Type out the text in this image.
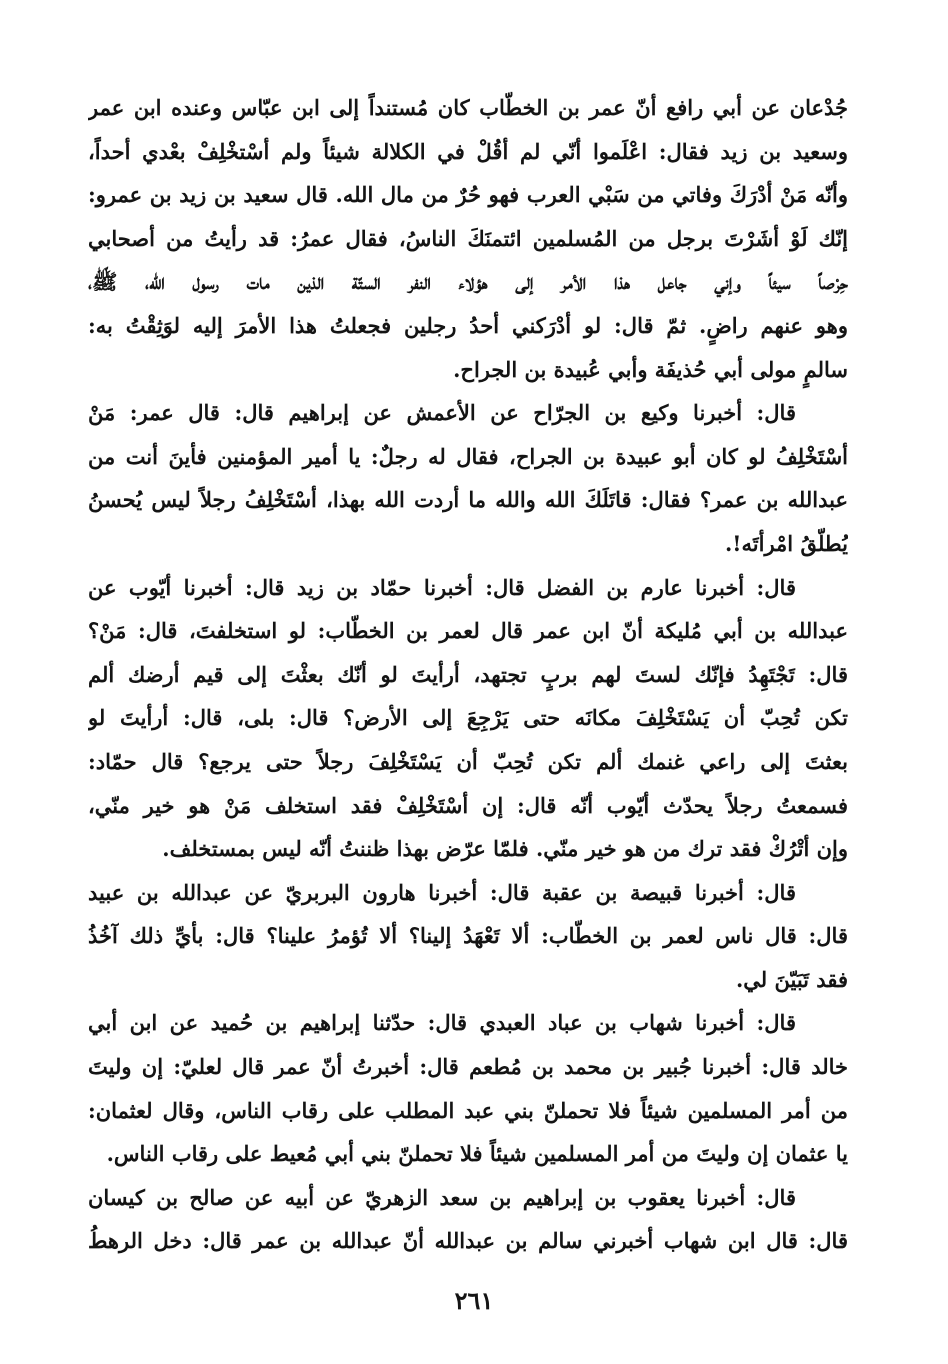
جُدْعان عن أبي رافع أنّ عمر بن الخطّاب كان مُستنداً إلى ابن عبّاس وعنده ابن عمر
وسعيد بن زيد فقال: اعْلَموا أنّي لم أقُلْ في الكلالة شيئاً ولم أسْتخْلِفْ بعْدي أحداً،
وأنّه مَنْ أدْرَكَ وفاتي من سَبْي العرب فهو حُرٌ من مال الله. قال سعيد بن زيد بن عمرو:
إنّك لَوْ أشَرْتَ برجل من المُسلمين ائتمنَكَ الناسُ، فقال عمرُ: قد رأيتُ من أصحابي
حِرْصاً سيئاً وإني جاعل هذا الأمر إلى هؤلاء النفر الستّة الذين مات رسول الله، ﷺ،
وهو عنهم راضٍ. ثمّ قال: لو أدْرَكني أحدُ رجلين فجعلتُ هذا الأمرَ إليه لوَثِقْتُ به:
سالمٍ مولى أبي حُذيفَة وأبي عُبيدة بن الجراح.

قال: أخبرنا وكيع بن الجرّاح عن الأعمش عن إبراهيم قال: قال عمر: مَنْ
أسْتَخْلِفُ لو كان أبو عبيدة بن الجراح، فقال له رجلٌ: يا أمير المؤمنين فأينَ أنت من
عبدالله بن عمر؟ فقال: قاتَلَكَ الله والله ما أردت الله بهذا، أسْتَخْلِفُ رجلاً ليس يُحسنُ
يُطلّقُ امْرأتَه!.

قال: أخبرنا عارم بن الفضل قال: أخبرنا حمّاد بن زيد قال: أخبرنا أيّوب عن
عبدالله بن أبي مُليكة أنّ ابن عمر قال لعمر بن الخطّاب: لو استخلفتَ، قال: مَنْ؟
قال: تَجْتَهِدُ فإنّك لستَ لهم بربٍ تجتهد، أرأيتَ لو أنّك بعثْتَ إلى قيم أرضك ألم
تكن تُحِبّ أن يَسْتَخْلِفَ مكانَه حتى يَرْجِعَ إلى الأرض؟ قال: بلى، قال: أرأيتَ لو
بعثتَ إلى راعي غنمك ألم تكن تُحِبّ أن يَسْتَخْلِفَ رجلاً حتى يرجع؟ قال حمّاد:
فسمعتُ رجلاً يحدّث أيّوب أنّه قال: إن أسْتَخْلِفْ فقد استخلف مَنْ هو خير منّي،
وإن أتْرُكْ فقد ترك من هو خير منّي. فلمّا عرّض بهذا ظننتُ أنّه ليس بمستخلف.

قال: أخبرنا قبيصة بن عقبة قال: أخبرنا هارون البربريّ عن عبدالله بن عبيد
قال: قال ناس لعمر بن الخطّاب: ألا تَعْهَدُ إلينا؟ ألا تُؤمرُ علينا؟ قال: بأيِّ ذلك آخُذُ
فقد تَبَيّنَ لي.

قال: أخبرنا شهاب بن عباد العبدي قال: حدّثنا إبراهيم بن حُميد عن ابن أبي
خالد قال: أخبرنا جُبير بن محمد بن مُطعم قال: أخبرتُ أنّ عمر قال لعليّ: إن وليتَ
من أمر المسلمين شيئاً فلا تحملنّ بني عبد المطلب على رقاب الناس، وقال لعثمان:
يا عثمان إن وليتَ من أمر المسلمين شيئاً فلا تحملنّ بني أبي مُعيط على رقاب الناس.

قال: أخبرنا يعقوب بن إبراهيم بن سعد الزهريّ عن أبيه عن صالح بن كيسان
قال: قال ابن شهاب أخبرني سالم بن عبدالله أنّ عبدالله بن عمر قال: دخل الرهطُ

٢٦١
